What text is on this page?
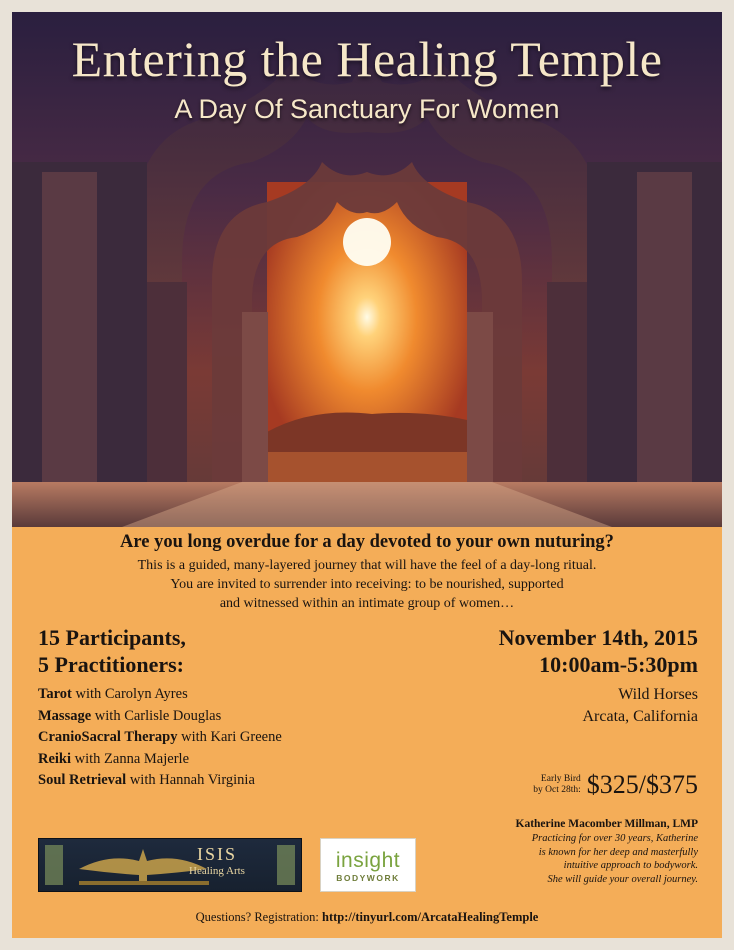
Entering the Healing Temple
A Day Of Sanctuary For Women
Are you long overdue for a day devoted to your own nuturing?
This is a guided, many-layered journey that will have the feel of a day-long ritual.
You are invited to surrender into receiving: to be nourished, supported
and witnessed within an intimate group of women…
15 Participants,
5 Practitioners:
Tarot with Carolyn Ayres
Massage with Carlisle Douglas
CranioSacral Therapy with Kari Greene
Reiki with Zanna Majerle
Soul Retrieval with Hannah Virginia
November 14th, 2015
10:00am-5:30pm
Wild Horses
Arcata, California
Early Bird
by Oct 28th: $325/$375
Katherine Macomber Millman, LMP
Practicing for over 30 years, Katherine
is known for her deep and masterfully
intuitive approach to bodywork.
She will guide your overall journey.
ISIS
Healing Arts	insight
BODYWORK
Questions? Registration: http://tinyurl.com/ArcataHealingTemple
